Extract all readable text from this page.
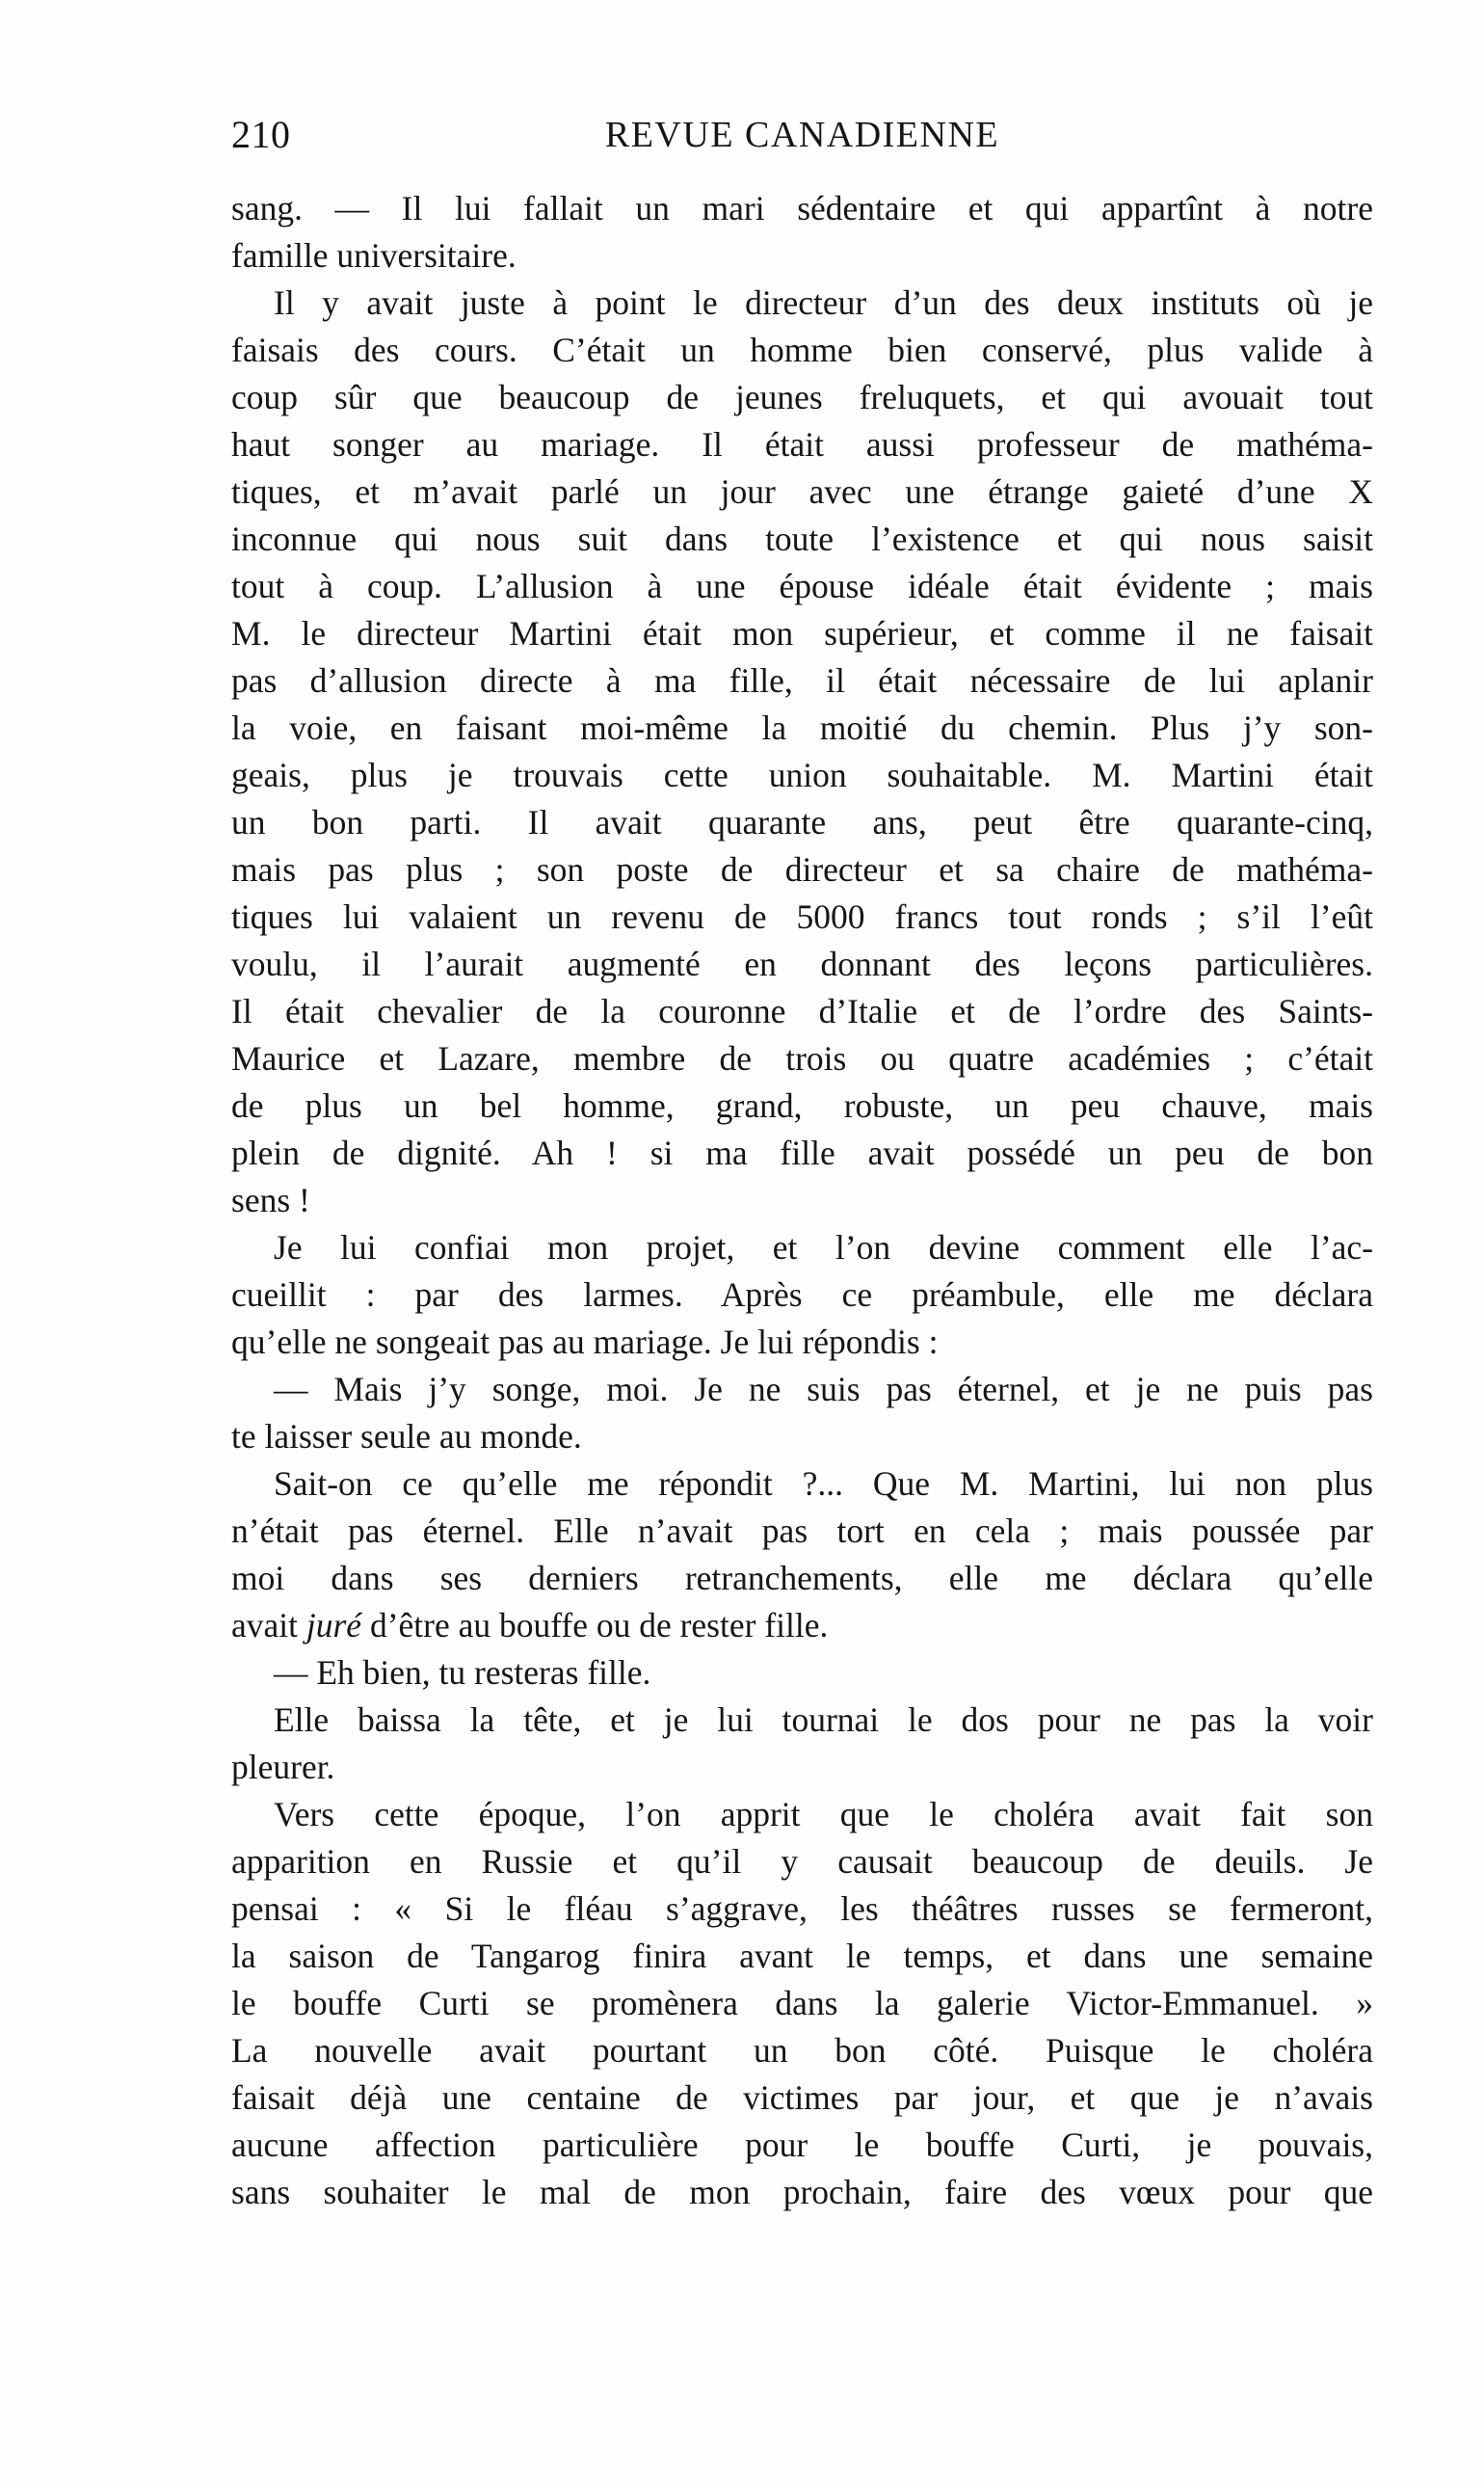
210	REVUE CANADIENNE
sang. — Il lui fallait un mari sédentaire et qui appartînt à notre
famille universitaire.
Il y avait juste à point le directeur d’un des deux instituts où je
faisais des cours. C’était un homme bien conservé, plus valide à
coup sûr que beaucoup de jeunes freluquets, et qui avouait tout
haut songer au mariage. Il était aussi professeur de mathéma-
tiques, et m’avait parlé un jour avec une étrange gaieté d’une X
inconnue qui nous suit dans toute l’existence et qui nous saisit
tout à coup. L’allusion à une épouse idéale était évidente ; mais
M. le directeur Martini était mon supérieur, et comme il ne faisait
pas d’allusion directe à ma fille, il était nécessaire de lui aplanir
la voie, en faisant moi-même la moitié du chemin. Plus j’y son-
geais, plus je trouvais cette union souhaitable. M. Martini était
un bon parti. Il avait quarante ans, peut être quarante-cinq,
mais pas plus ; son poste de directeur et sa chaire de mathéma-
tiques lui valaient un revenu de 5000 francs tout ronds ; s’il l’eût
voulu, il l’aurait augmenté en donnant des leçons particulières.
Il était chevalier de la couronne d’Italie et de l’ordre des Saints-
Maurice et Lazare, membre de trois ou quatre académies ; c’était
de plus un bel homme, grand, robuste, un peu chauve, mais
plein de dignité. Ah ! si ma fille avait possédé un peu de bon
sens !
Je lui confiai mon projet, et l’on devine comment elle l’ac-
cueillit : par des larmes. Après ce préambule, elle me déclara
qu’elle ne songeait pas au mariage. Je lui répondis :
— Mais j’y songe, moi. Je ne suis pas éternel, et je ne puis pas
te laisser seule au monde.
Sait-on ce qu’elle me répondit ?... Que M. Martini, lui non plus
n’était pas éternel. Elle n’avait pas tort en cela ; mais poussée par
moi dans ses derniers retranchements, elle me déclara qu’elle
avait juré d’être au bouffe ou de rester fille.
— Eh bien, tu resteras fille.
Elle baissa la tête, et je lui tournai le dos pour ne pas la voir
pleurer.
Vers cette époque, l’on apprit que le choléra avait fait son
apparition en Russie et qu’il y causait beaucoup de deuils. Je
pensai : « Si le fléau s’aggrave, les théâtres russes se fermeront,
la saison de Tangarog finira avant le temps, et dans une semaine
le bouffe Curti se promènera dans la galerie Victor-Emmanuel. »
La nouvelle avait pourtant un bon côté. Puisque le choléra
faisait déjà une centaine de victimes par jour, et que je n’avais
aucune affection particulière pour le bouffe Curti, je pouvais,
sans souhaiter le mal de mon prochain, faire des vœux pour que
